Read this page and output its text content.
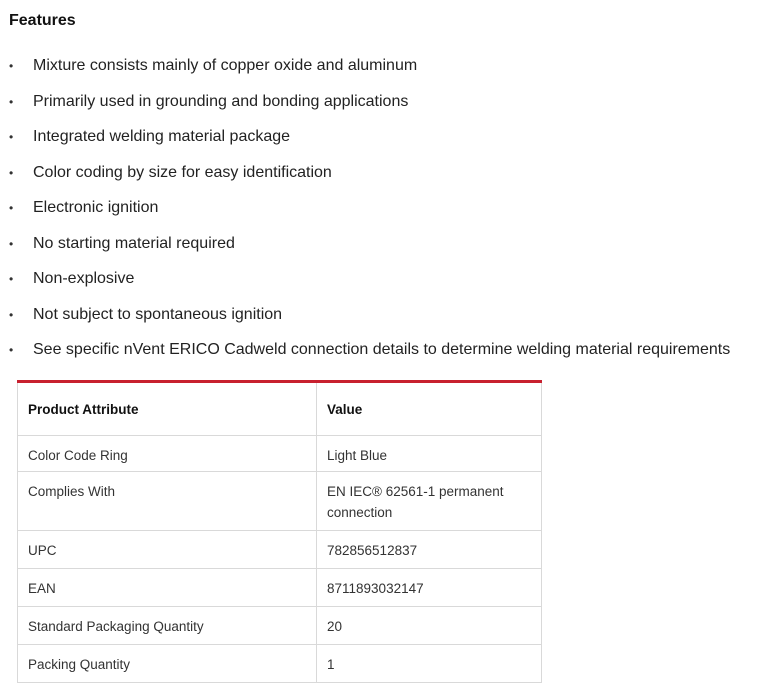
Features
• Mixture consists mainly of copper oxide and aluminum
• Primarily used in grounding and bonding applications
• Integrated welding material package
• Color coding by size for easy identification
• Electronic ignition
• No starting material required
• Non-explosive
• Not subject to spontaneous ignition
• See specific nVent ERICO Cadweld connection details to determine welding material requirements
Product Attribute	Value
Color Code Ring	Light Blue
Complies With	EN IEC® 62561-1 permanent connection
UPC	782856512837
EAN	8711893032147
Standard Packaging Quantity	20
Packing Quantity	1
